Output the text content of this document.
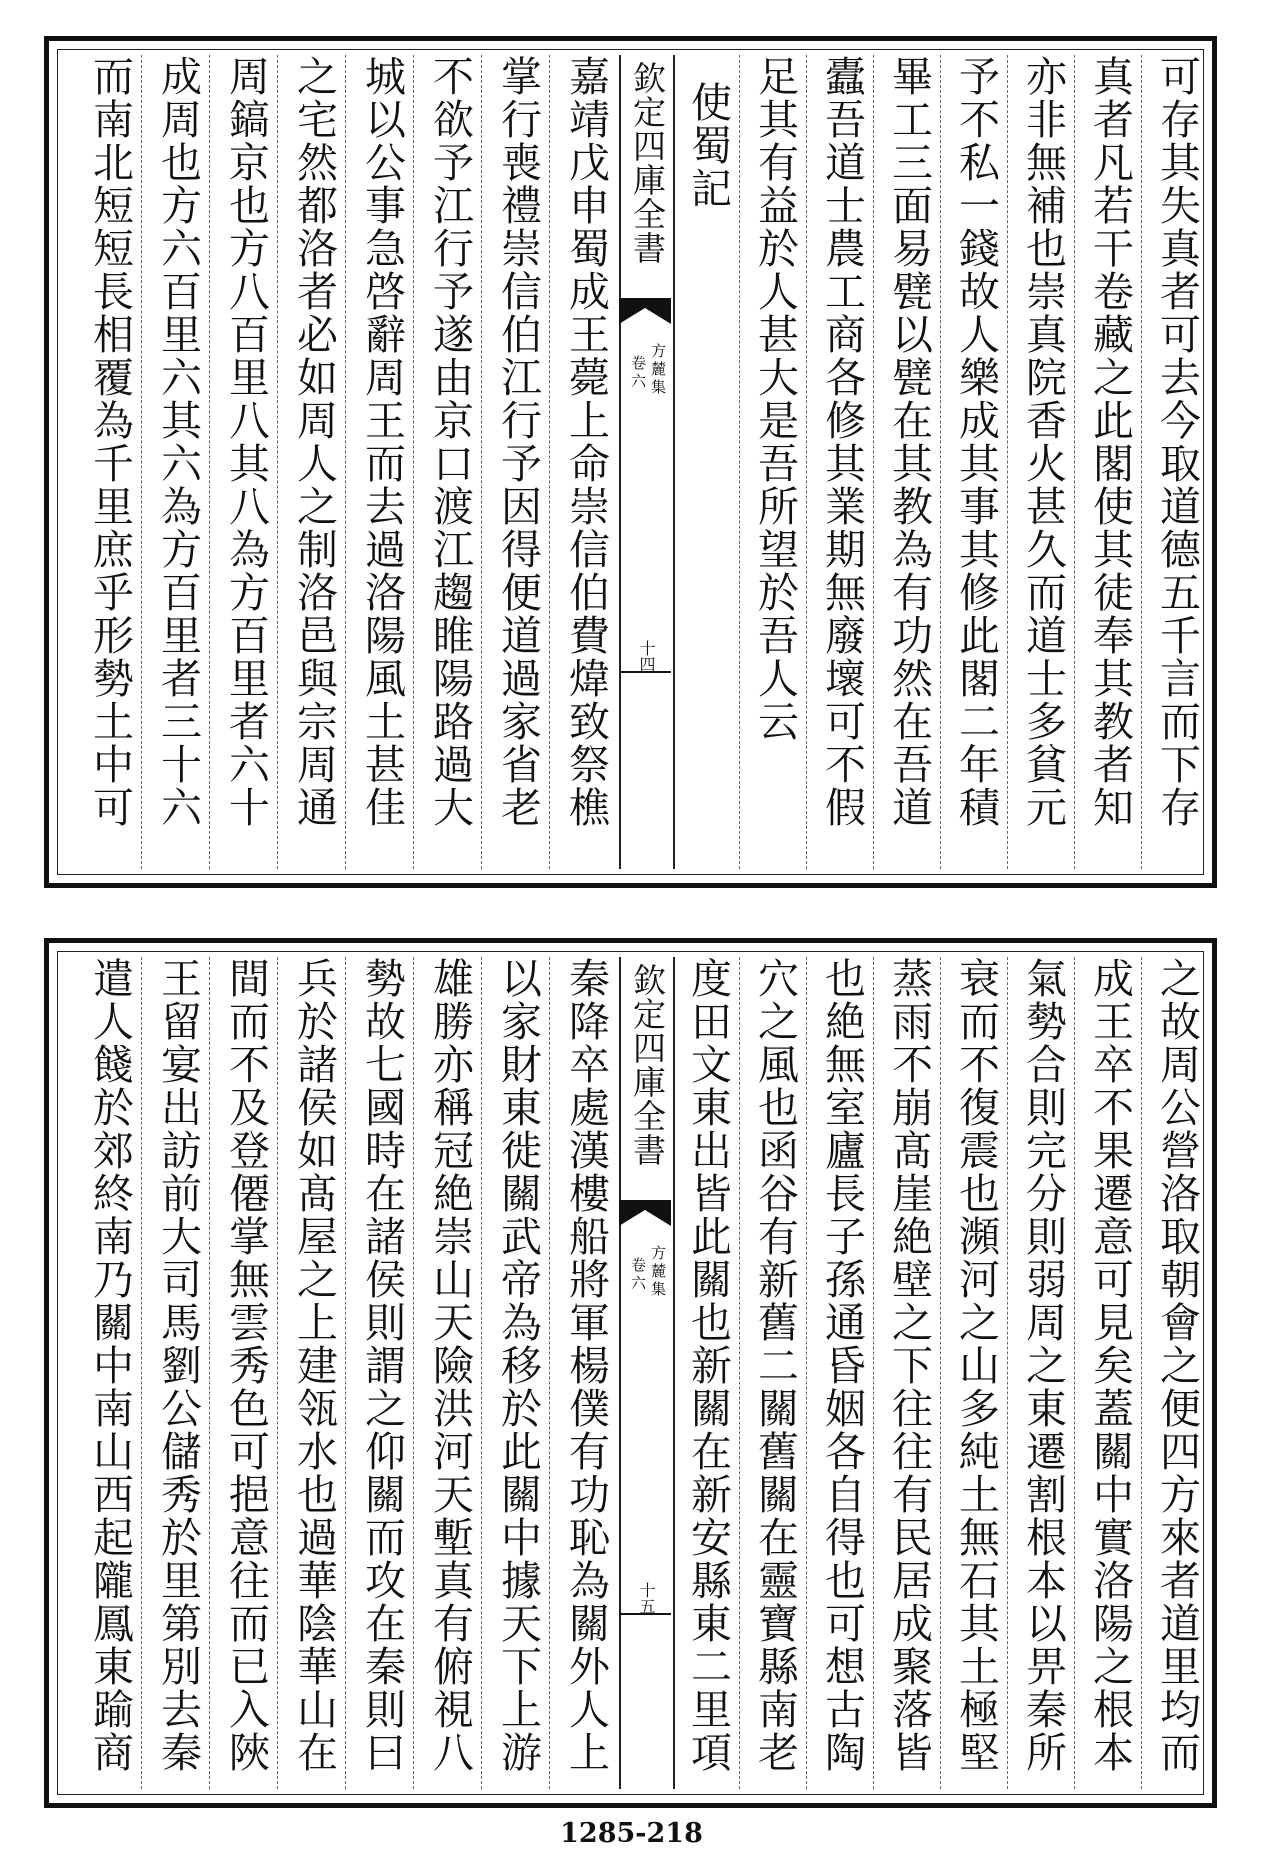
可存其失真者可去今取道德五千言而下存
真者凡若干卷藏之此閣使其徒奉其教者知
亦非無補也崇真院香火甚久而道士多貧元
予不私一錢故人樂成其事其修此閣二年積
畢工三面易甓以甓在其教為有功然在吾道
蠹吾道士農工商各修其業期無廢壞可不假
足其有益於人甚大是吾所望於吾人云
使蜀記
欽定四庫全書
卷六 方麓集
十四
嘉靖戊申蜀成王薨上命崇信伯費煒致祭樵
掌行喪禮崇信伯江行予因得便道過家省老
不欲予江行予遂由京口渡江趨睢陽路過大
城以公事急啓辭周王而去過洛陽風土甚佳
之宅然都洛者必如周人之制洛邑與宗周通
周鎬京也方八百里八其八為方百里者六十
成周也方六百里六其六為方百里者三十六
而南北短短長相覆為千里庶乎形勢土中可
之故周公營洛取朝會之便四方來者道里均而
成王卒不果遷意可見矣蓋關中實洛陽之根本
氣勢合則完分則弱周之東遷割根本以畀秦所
衰而不復震也瀕河之山多純土無石其土極堅
蒸雨不崩髙崖絶壁之下往往有民居成聚落皆
也絶無室廬長子孫通昏姻各自得也可想古陶
穴之風也函谷有新舊二關舊關在靈寶縣南老
度田文東出皆此關也新關在新安縣東二里項
欽定四庫全書
卷六 方麓集
十五
秦降卒處漢樓船將軍楊僕有功恥為關外人上
以家財東徙關武帝為移於此關中據天下上游
雄勝亦稱冠絶崇山天險洪河天塹真有俯視八
勢故七國時在諸侯則謂之仰關而攻在秦則曰
兵於諸侯如髙屋之上建瓴水也過華陰華山在
間而不及登僊掌無雲秀色可挹意往而已入陜
王留宴出訪前大司馬劉公儲秀於里第別去秦
遣人餞於郊終南乃關中南山西起隴鳳東踰商
1285-218
